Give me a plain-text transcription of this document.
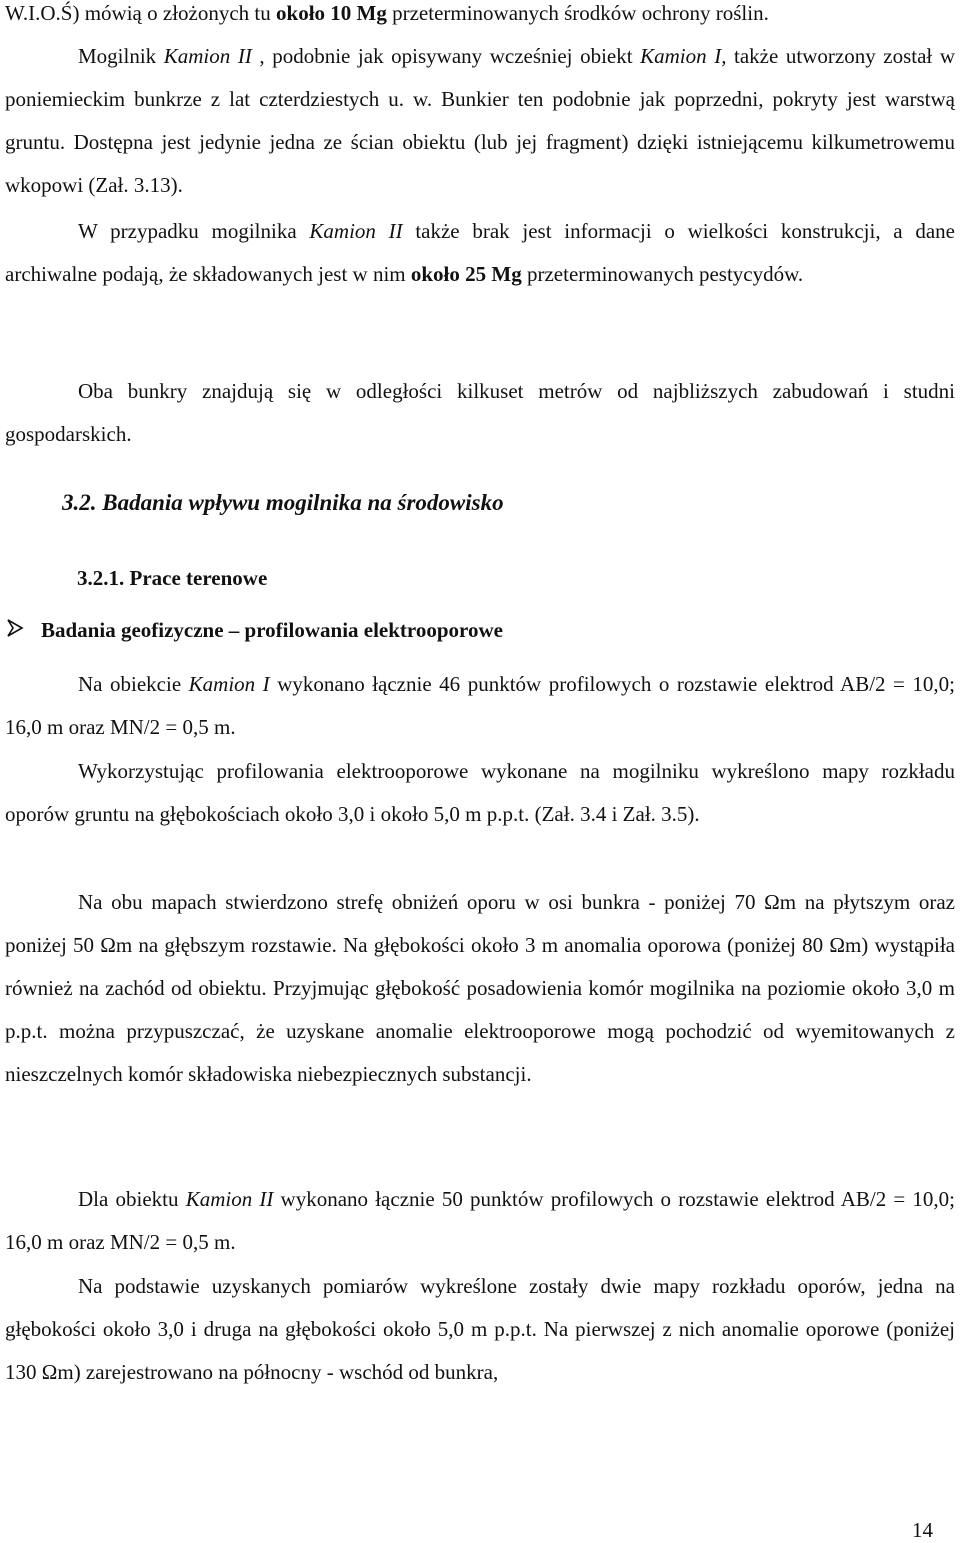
W.I.O.Ś) mówią o złożonych tu około 10 Mg przeterminowanych środków ochrony roślin.

Mogilnik Kamion II , podobnie jak opisywany wcześniej obiekt Kamion I, także utworzony został w poniemieckim bunkrze z lat czterdziestych u. w. Bunkier ten podobnie jak poprzedni, pokryty jest warstwą gruntu. Dostępna jest jedynie jedna ze ścian obiektu (lub jej fragment) dzięki istniejącemu kilkumetrowemu wkopowi (Zał. 3.13).

W przypadku mogilnika Kamion II także brak jest informacji o wielkości konstrukcji, a dane archiwalne podają, że składowanych jest w nim około 25 Mg przeterminowanych pestycydów.

Oba bunkry znajdują się w odległości kilkuset metrów od najbliższych zabudowań i studni gospodarskich.

3.2. Badania wpływu mogilnika na środowisko

3.2.1. Prace terenowe

Badania geofizyczne – profilowania elektrooporowe

Na obiekcie Kamion I wykonano łącznie 46 punktów profilowych o rozstawie elektrod AB/2 = 10,0; 16,0 m oraz MN/2 = 0,5 m.

Wykorzystując profilowania elektrooporowe wykonane na mogilniku wykreślono mapy rozkładu oporów gruntu na głębokościach około 3,0 i około 5,0 m p.p.t. (Zał. 3.4 i Zał. 3.5).

Na obu mapach stwierdzono strefę obniżeń oporu w osi bunkra - poniżej 70 Ωm na płytszym oraz poniżej 50 Ωm na głębszym rozstawie. Na głębokości około 3 m anomalia oporowa (poniżej 80 Ωm) wystąpiła również na zachód od obiektu. Przyjmując głębokość posadowienia komór mogilnika na poziomie około 3,0 m p.p.t. można przypuszczać, że uzyskane anomalie elektrooporowe mogą pochodzić od wyemitowanych z nieszczelnych komór składowiska niebezpiecznych substancji.

Dla obiektu Kamion II wykonano łącznie 50 punktów profilowych o rozstawie elektrod AB/2 = 10,0; 16,0 m oraz MN/2 = 0,5 m.

Na podstawie uzyskanych pomiarów wykreślone zostały dwie mapy rozkładu oporów, jedna na głębokości około 3,0 i druga na głębokości około 5,0 m p.p.t. Na pierwszej z nich anomalie oporowe (poniżej 130 Ωm) zarejestrowano na północny - wschód od bunkra,

14
